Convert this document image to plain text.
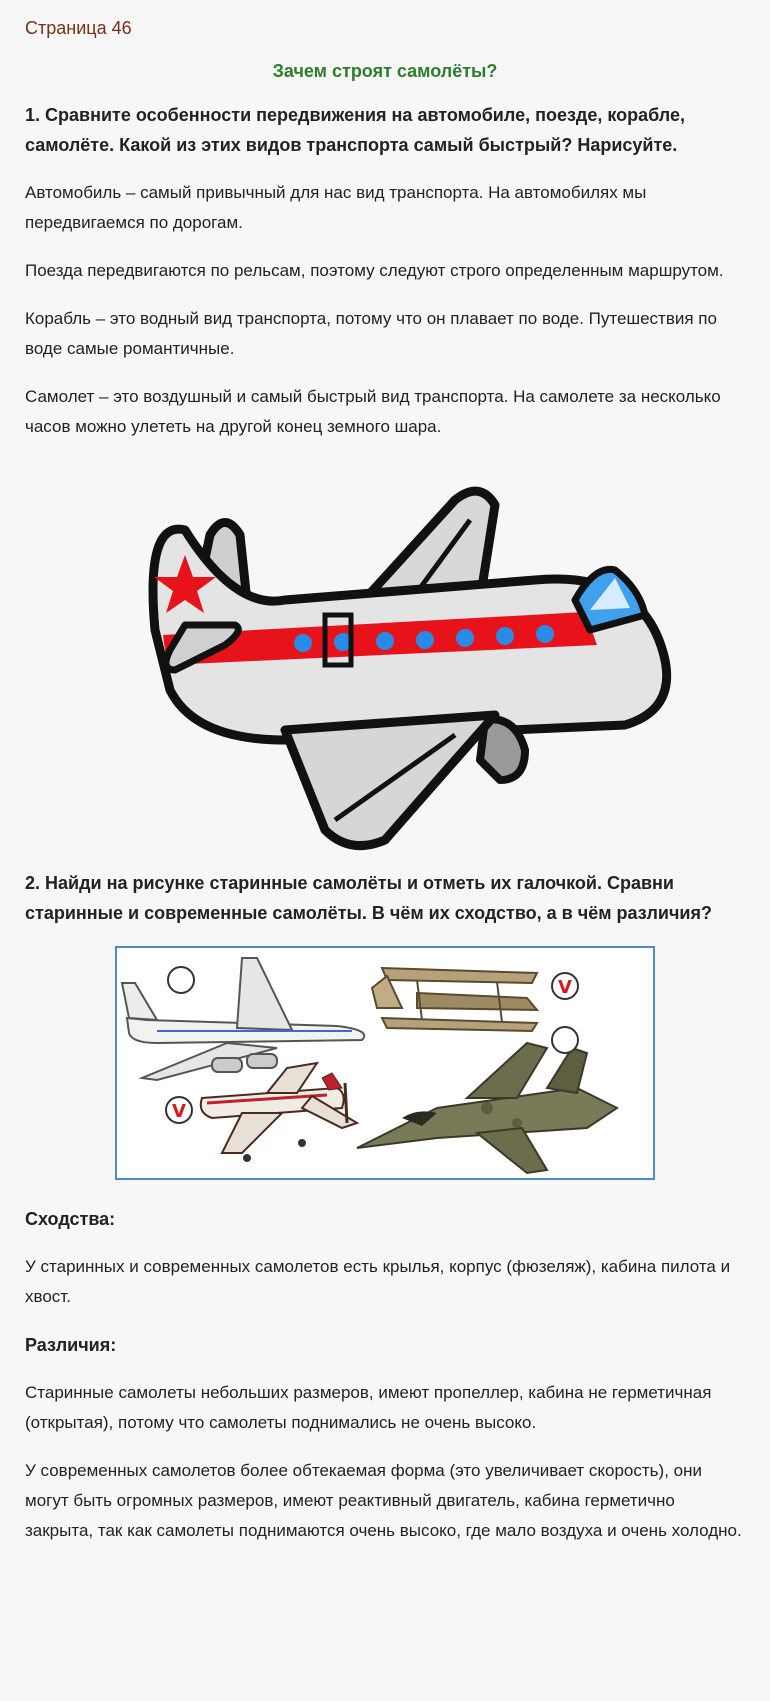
Страница 46
Зачем строят самолёты?
1. Сравните особенности передвижения на автомобиле, поезде, корабле, самолёте. Какой из этих видов транспорта самый быстрый? Нарисуйте.

Автомобиль – самый привычный для нас вид транспорта. На автомобилях мы передвигаемся по дорогам.

Поезда передвигаются по рельсам, поэтому следуют строго определенным маршрутом.

Корабль – это водный вид транспорта, потому что он плавает по воде. Путешествия по воде самые романтичные.

Самолет – это воздушный и самый быстрый вид транспорта. На самолете за несколько часов можно улететь на другой конец земного шара.

2. Найди на рисунке старинные самолёты и отметь их галочкой. Сравни старинные и современные самолёты. В чём их сходство, а в чём различия?
V
V
Сходства:

У старинных и современных самолетов есть крылья, корпус (фюзеляж), кабина пилота и хвост.

Различия:

Старинные самолеты небольших размеров, имеют пропеллер, кабина не герметичная (открытая), потому что самолеты поднимались не очень высоко.

У современных самолетов более обтекаемая форма (это увеличивает скорость), они могут быть огромных размеров, имеют реактивный двигатель, кабина герметично закрыта, так как самолеты поднимаются очень высоко, где мало воздуха и очень холодно.
